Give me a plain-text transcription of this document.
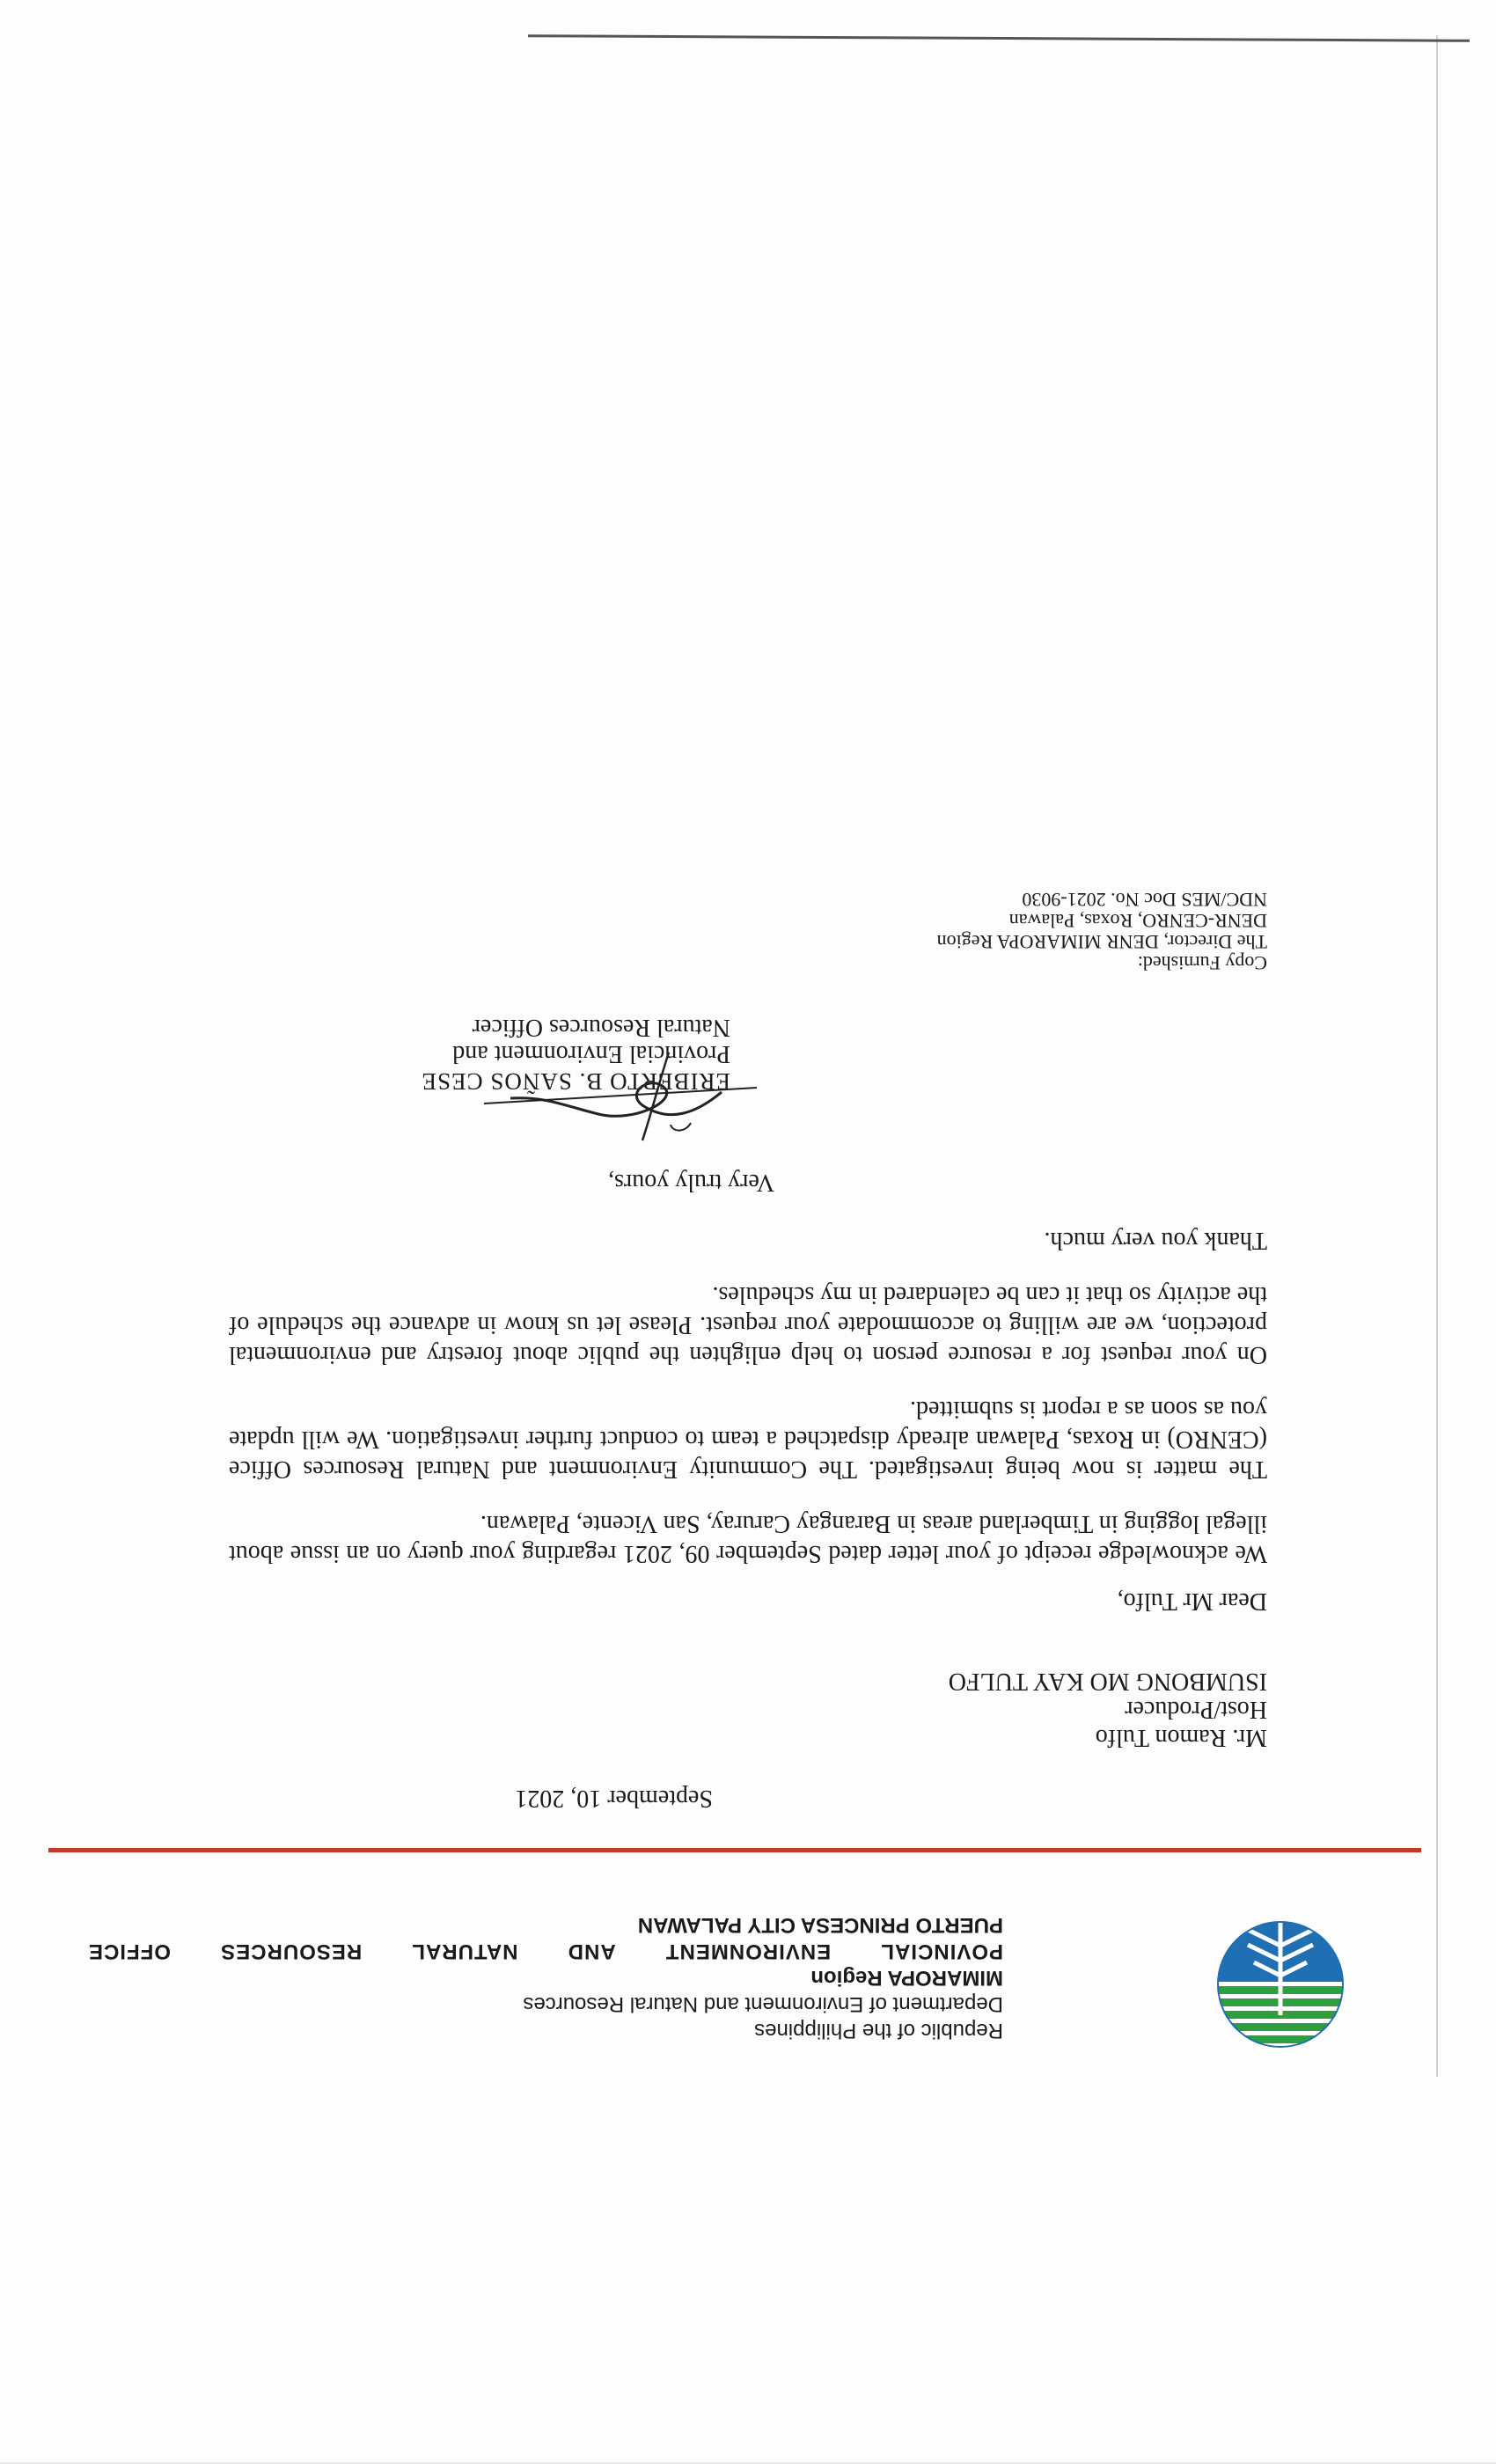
Republic of the Philippines
Department of Environment and Natural Resources
MIMAROPA Region
POVINCIAL
ENVIRONMENT
AND
NATURAL
RESOURCES
OFFICE
PUERTO PRINCESA CITY PALAWAN
September 10, 2021
Mr. Ramon Tulfo
Host/Producer
ISUMBONG MO KAY TULFO
Dear Mr Tulfo,

We acknowledge receipt of your letter dated September 09, 2021 regarding your query on an issue about illegal logging in Timberland areas in Barangay Caruray, San Vicente, Palawan.

The matter is now being investigated. The Community Environment and Natural Resources Office (CENRO) in Roxas, Palawan already dispatched a team to conduct further investigation. We will update you as soon as a report is submitted.

On your request for a resource person to help enlighten the public about forestry and environmental protection, we are willing to accommodate your request. Please let us know in advance the schedule of the activity so that it can be calendared in my schedules.

Thank you very much.
Very truly yours,
ERIBERTO B. SAÑOS CESE
Provincial Environment and
Natural Resources Officer
Copy Furnished:
The Director, DENR MIMAROPA Region
DENR-CENRO, Roxas, Palawan
NDC/MES Doc No. 2021-9030
